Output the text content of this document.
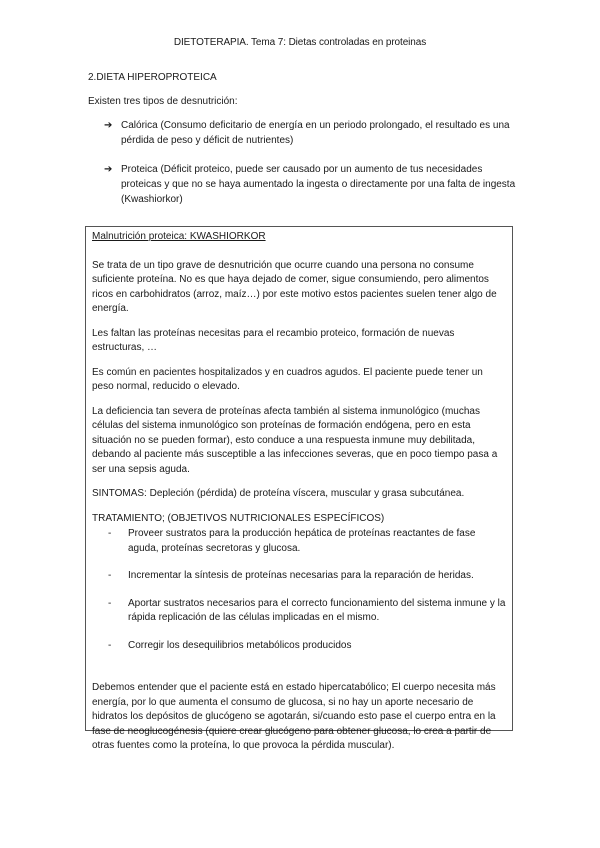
DIETOTERAPIA. Tema 7: Dietas controladas en proteinas
2.DIETA HIPEROPROTEICA
Existen tres tipos de desnutrición:
➔ Calórica (Consumo deficitario de energía en un periodo prolongado, el resultado es una pérdida de peso y déficit de nutrientes)
➔ Proteica (Déficit proteico, puede ser causado por un aumento de tus necesidades proteicas y que no se haya aumentado la ingesta o directamente por una falta de ingesta (Kwashiorkor)

Malnutrición proteica: KWASHIORKOR

Se trata de un tipo grave de desnutrición que ocurre cuando una persona no consume suficiente proteína. No es que haya dejado de comer, sigue consumiendo, pero alimentos ricos en carbohidratos (arroz, maíz…) por este motivo estos pacientes suelen tener algo de energía.

Les faltan las proteínas necesitas para el recambio proteico, formación de nuevas estructuras, …

Es común en pacientes hospitalizados y en cuadros agudos. El paciente puede tener un peso normal, reducido o elevado.

La deficiencia tan severa de proteínas afecta también al sistema inmunológico (muchas células del sistema inmunológico son proteínas de formación endógena, pero en esta situación no se pueden formar), esto conduce a una respuesta inmune muy debilitada, debando al paciente más susceptible a las infecciones severas, que en poco tiempo pasa a ser una sepsis aguda.

SINTOMAS: Depleción (pérdida) de proteína víscera, muscular y grasa subcutánea.

TRATAMIENTO; (OBJETIVOS NUTRICIONALES ESPECÍFICOS)

-	Proveer sustratos para la producción hepática de proteínas reactantes de fase aguda, proteínas secretoras y glucosa.
-	Incrementar la síntesis de proteínas necesarias para la reparación de heridas.
-	Aportar sustratos necesarios para el correcto funcionamiento del sistema inmune y la rápida replicación de las células implicadas en el mismo.
-	Corregir los desequilibrios metabólicos producidos

Debemos entender que el paciente está en estado hipercatabólico; El cuerpo necesita más energía, por lo que aumenta el consumo de glucosa, si no hay un aporte necesario de hidratos los depósitos de glucógeno se agotarán, si/cuando esto pase el cuerpo entra en la fase de neoglucogénesis (quiere crear glucógeno para obtener glucosa, lo crea a partir de otras fuentes como la proteína, lo que provoca la pérdida muscular).
